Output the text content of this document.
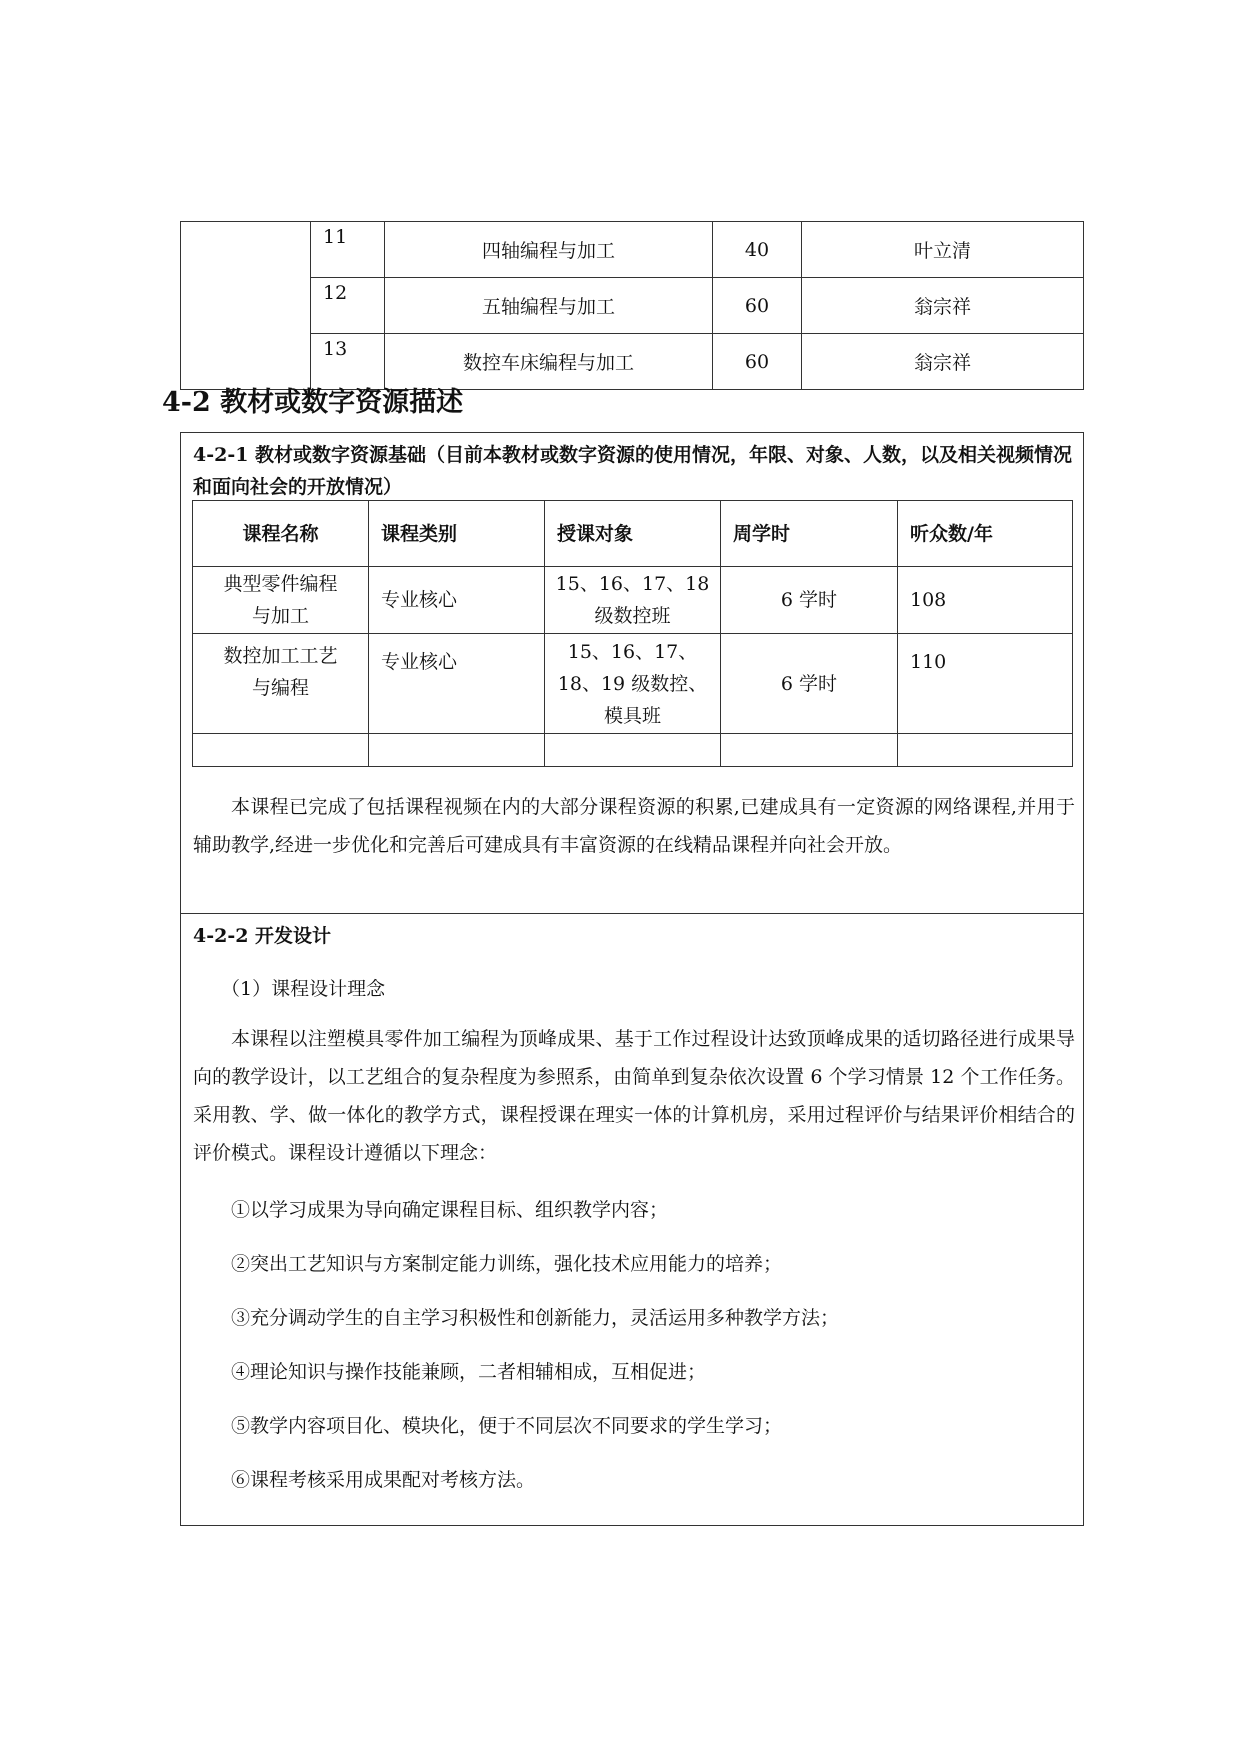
	11	四轴编程与加工	40	叶立清
	12	五轴编程与加工	60	翁宗祥
	13	数控车床编程与加工	60	翁宗祥
4-2 教材或数字资源描述
4-2-1 教材或数字资源基础（目前本教材或数字资源的使用情况，年限、对象、人数，以及相关视频情况和面向社会的开放情况）
课程名称	课程类别	授课对象	周学时	听众数/年
典型零件编程与加工	专业核心	15、16、17、18级数控班	6 学时	108
数控加工工艺与编程	专业核心	15、16、17、18、19 级数控、模具班	6 学时	110

本课程已完成了包括课程视频在内的大部分课程资源的积累,已建成具有一定资源的网络课程,并用于辅助教学,经进一步优化和完善后可建成具有丰富资源的在线精品课程并向社会开放。
4-2-2 开发设计
（1）课程设计理念
本课程以注塑模具零件加工编程为顶峰成果、基于工作过程设计达致顶峰成果的适切路径进行成果导向的教学设计，以工艺组合的复杂程度为参照系，由简单到复杂依次设置 6 个学习情景 12 个工作任务。采用教、学、做一体化的教学方式，课程授课在理实一体的计算机房，采用过程评价与结果评价相结合的评价模式。课程设计遵循以下理念：
①以学习成果为导向确定课程目标、组织教学内容；
②突出工艺知识与方案制定能力训练，强化技术应用能力的培养；
③充分调动学生的自主学习积极性和创新能力，灵活运用多种教学方法；
④理论知识与操作技能兼顾，二者相辅相成，互相促进；
⑤教学内容项目化、模块化，便于不同层次不同要求的学生学习；
⑥课程考核采用成果配对考核方法。
